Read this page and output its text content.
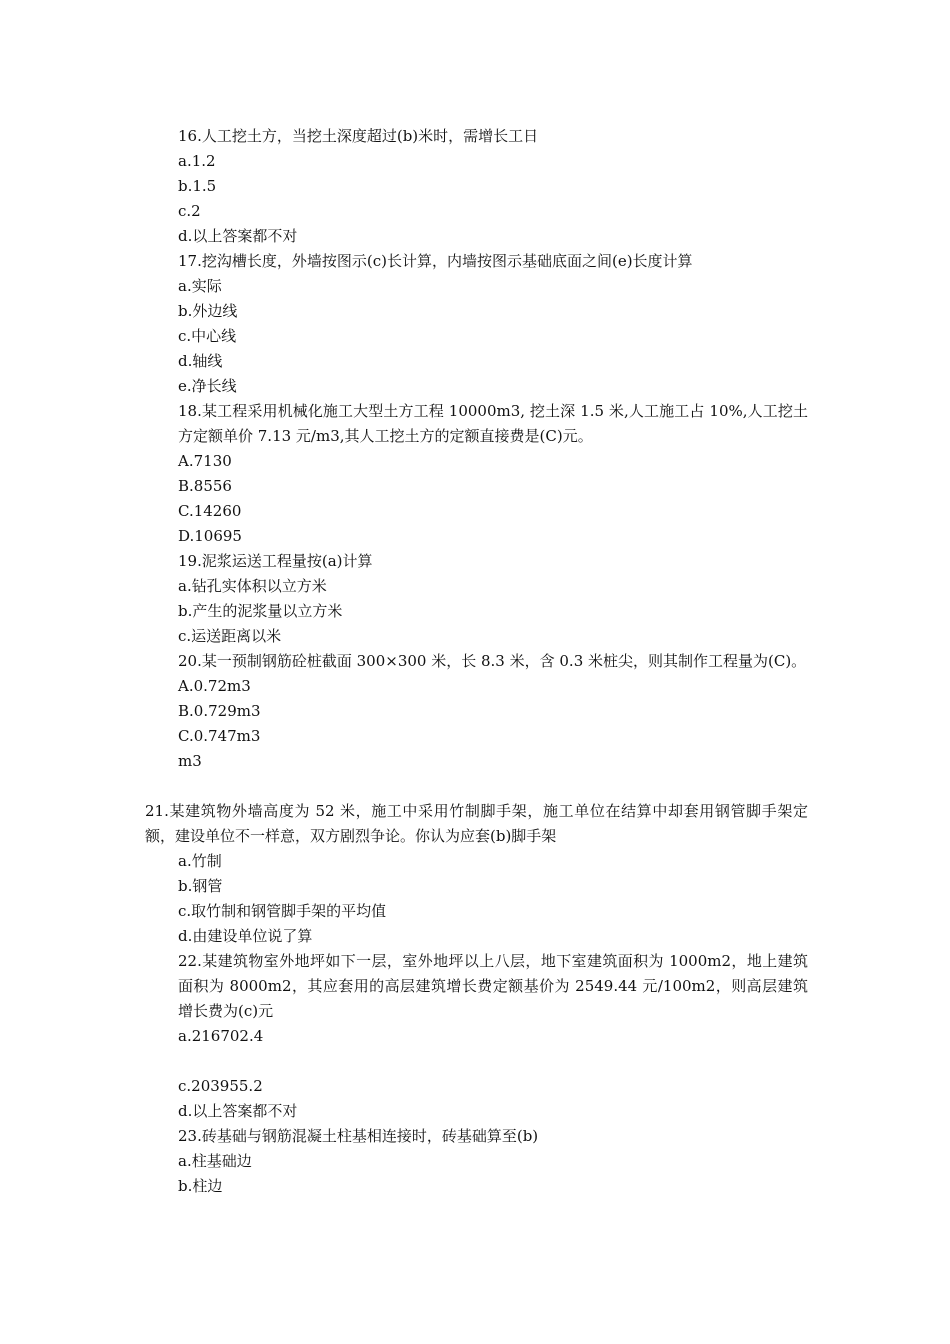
16.人工挖土方，当挖土深度超过(b)米时，需增长工日
a.1.2
b.1.5
c.2
d.以上答案都不对
17.挖沟槽长度，外墙按图示(c)长计算，内墙按图示基础底面之间(e)长度计算
a.实际
b.外边线
c.中心线
d.轴线
e.净长线
18.某工程采用机械化施工大型土方工程 10000m3, 挖土深 1.5 米,人工施工占 10%,人工挖土方定额单价 7.13 元/m3,其人工挖土方的定额直接费是(C)元。
A.7130
B.8556
C.14260
D.10695
19.泥浆运送工程量按(a)计算
a.钻孔实体积以立方米
b.产生的泥浆量以立方米
c.运送距离以米
20.某一预制钢筋砼桩截面 300×300 米，长 8.3 米，含 0.3 米桩尖，则其制作工程量为(C)。
A.0.72m3
B.0.729m3
C.0.747m3
m3
21.某建筑物外墙高度为 52 米，施工中采用竹制脚手架，施工单位在结算中却套用钢管脚手架定额，建设单位不一样意，双方剧烈争论。你认为应套(b)脚手架
a.竹制
b.钢管
c.取竹制和钢管脚手架的平均值
d.由建设单位说了算
22.某建筑物室外地坪如下一层，室外地坪以上八层，地下室建筑面积为 1000m2，地上建筑面积为 8000m2，其应套用的高层建筑增长费定额基价为 2549.44 元/100m2，则高层建筑增长费为(c)元
a.216702.4
c.203955.2
d.以上答案都不对
23.砖基础与钢筋混凝土柱基相连接时，砖基础算至(b)
a.柱基础边
b.柱边
